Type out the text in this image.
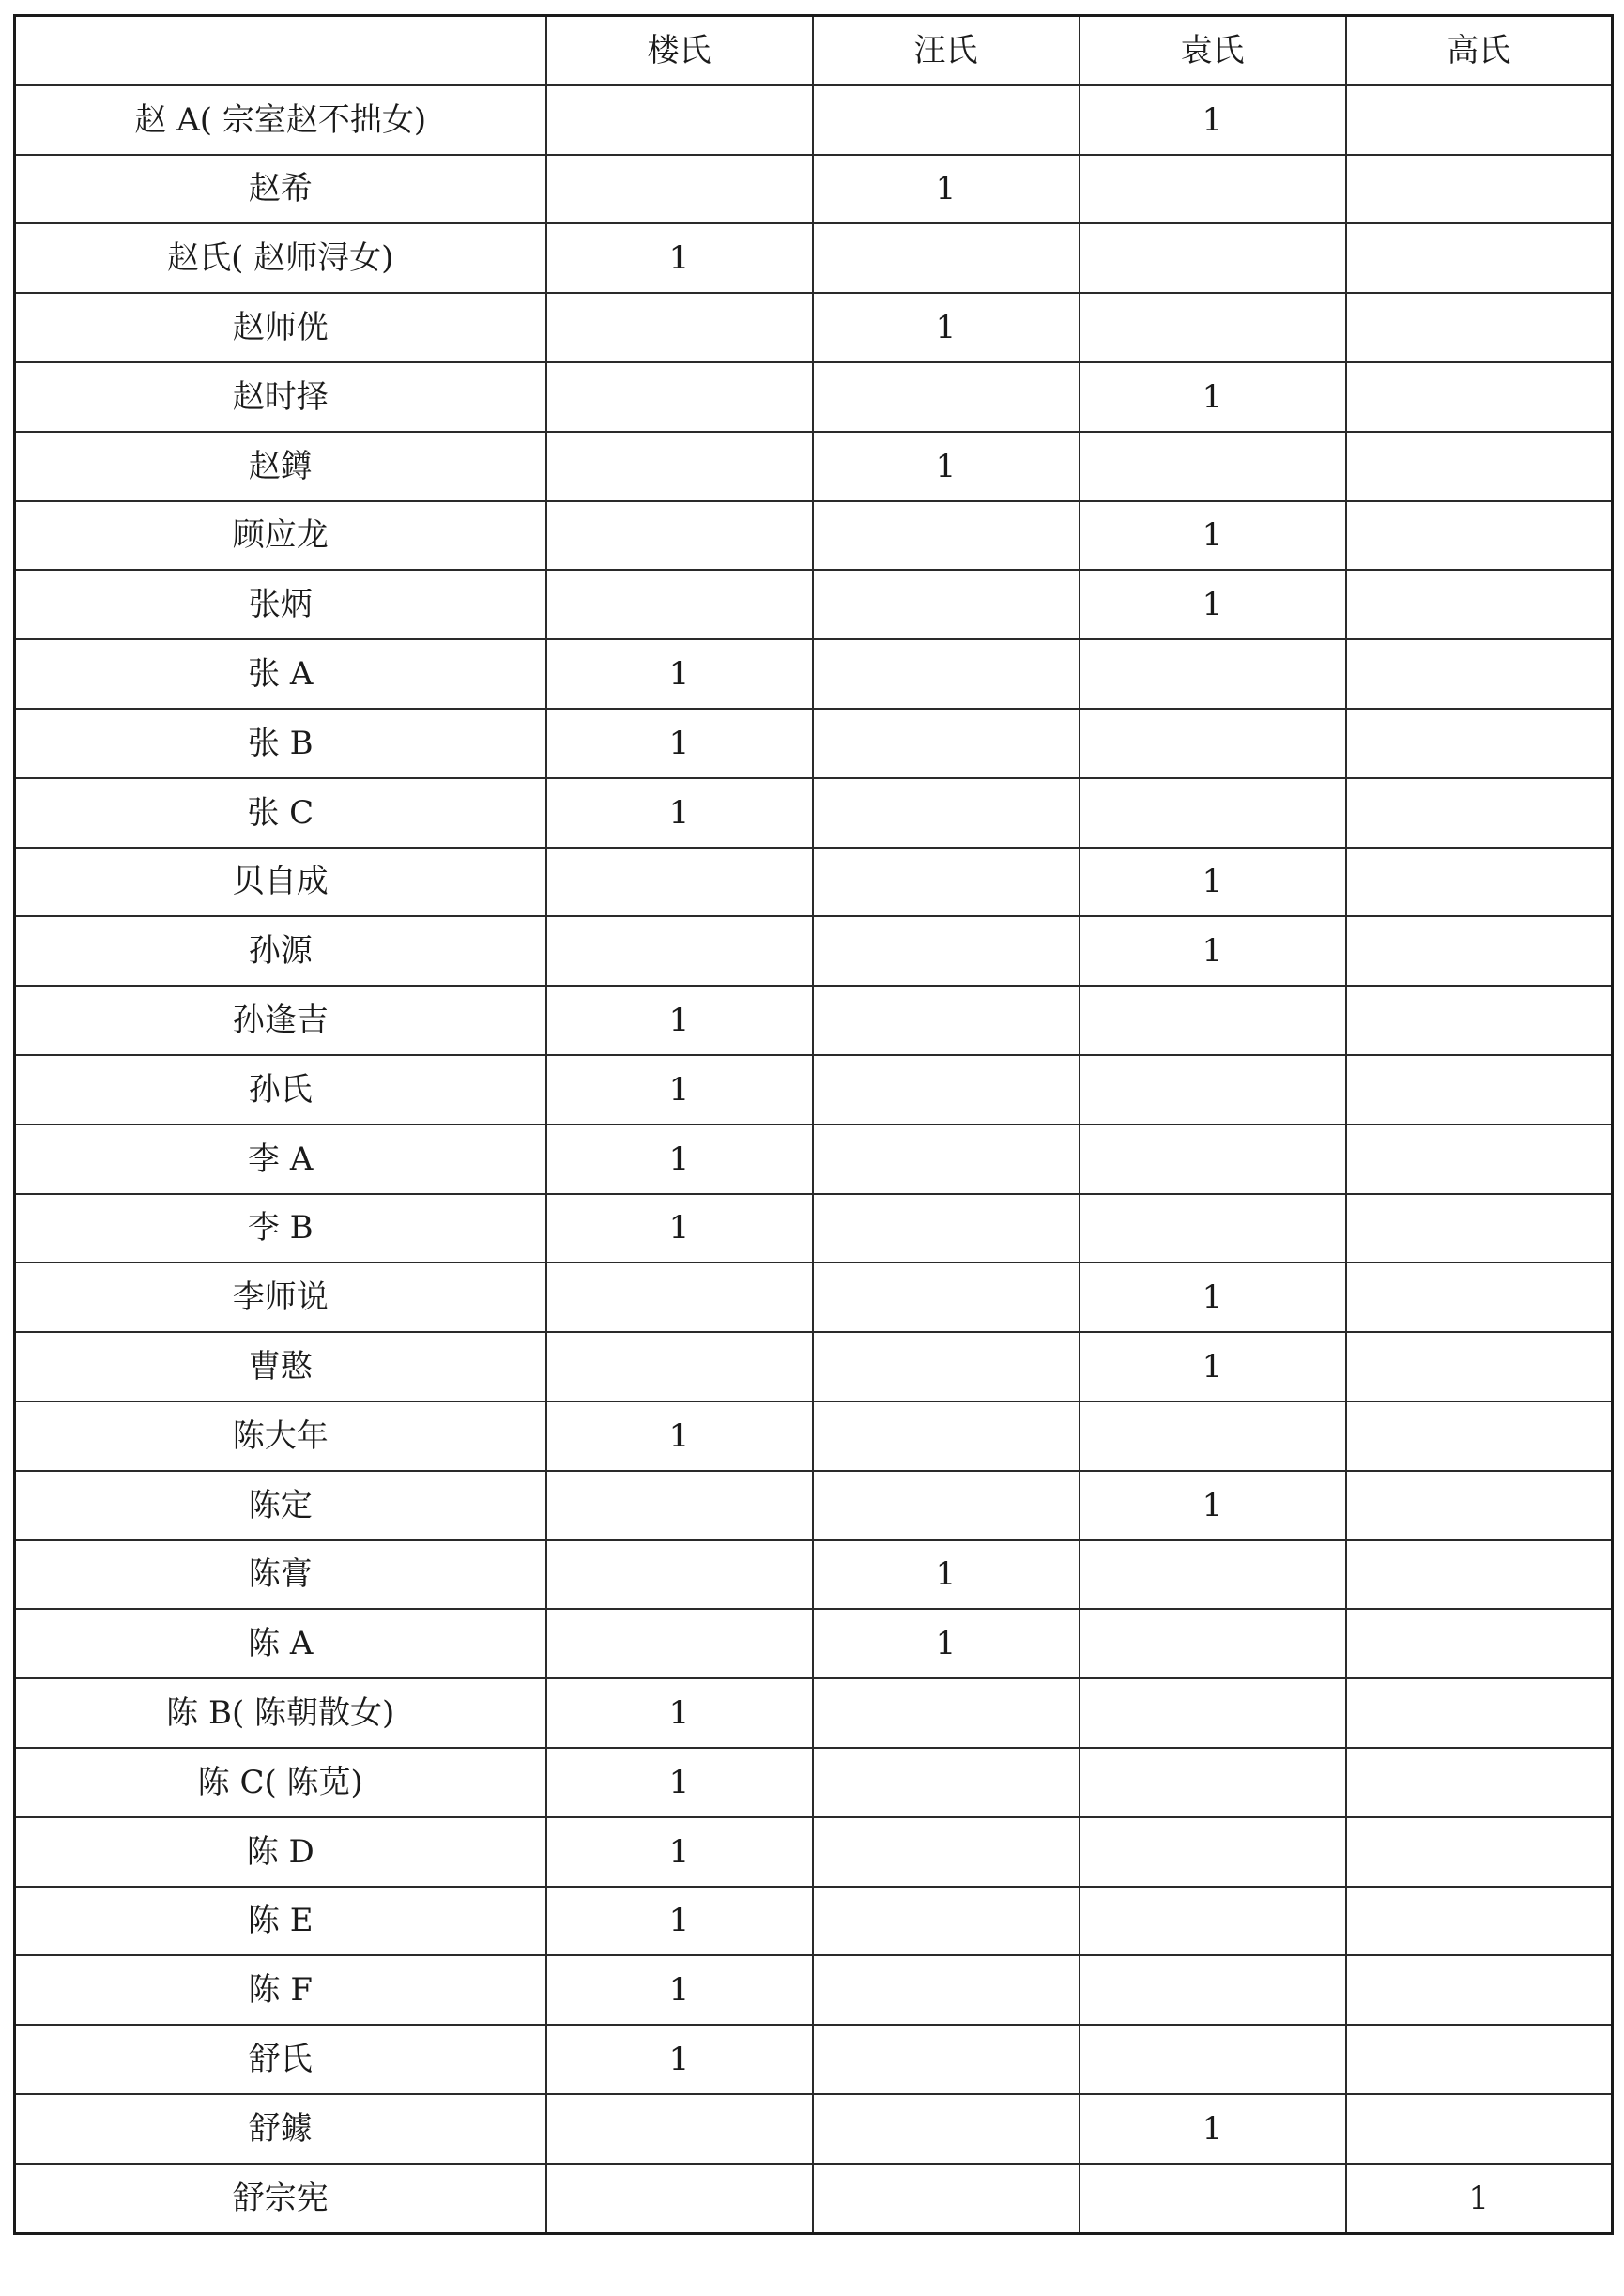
	楼氏	汪氏	袁氏	高氏
赵 A( 宗室赵不拙女)			1	
赵希		1		
赵氏( 赵师浔女)	1			
赵师侊		1		
赵时择			1	
赵鐏		1		
顾应龙			1	
张炳			1	
张 A	1			
张 B	1			
张 C	1			
贝自成			1	
孙源			1	
孙逢吉	1			
孙氏	1			
李 A	1			
李 B	1			
李师说			1	
曹憨			1	
陈大年	1			
陈定			1	
陈膏		1		
陈 A		1		
陈 B( 陈朝散女)	1			
陈 C( 陈苋)	1			
陈 D	1			
陈 E	1			
陈 F	1			
舒氏	1			
舒鐻			1	
舒宗宪				1
